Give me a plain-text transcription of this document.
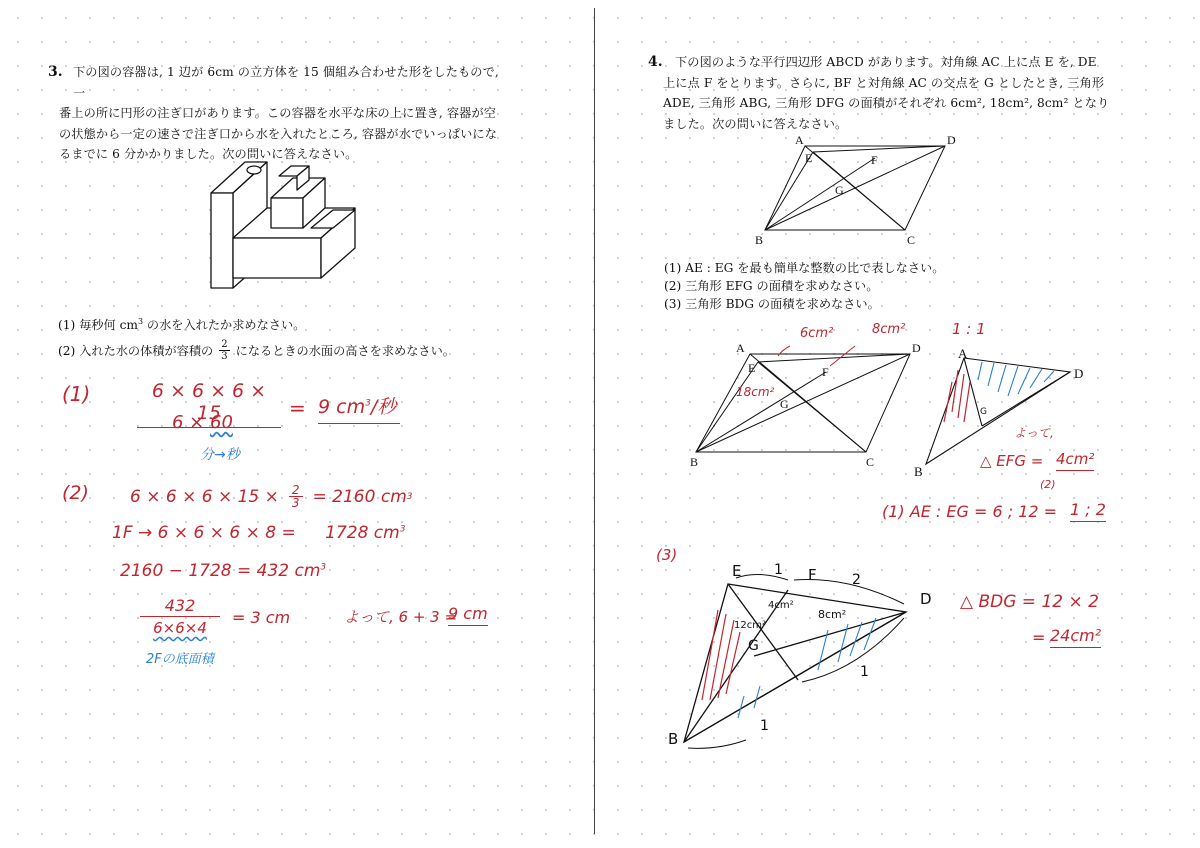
3. 下の図の容器は, 1 辺が 6cm の立方体を 15 個組み合わせた形をしたもので, 一
番上の所に円形の注ぎ口があります。この容器を水平な床の上に置き, 容器が空
の状態から一定の速さで注ぎ口から水を入れたところ, 容器が水でいっぱいにな
るまでに 6 分かかりました。次の問いに答えなさい。
(1) 毎秒何 $cm^3$ の水を入れたか求めなさい。
(2) 入れた水の体積が容積の $\frac{2}{3}$ になるときの水面の高さを求めなさい。
(1)	6 × 6 × 6 × 15
6 × 60
= 9 $cm^3/$秒
分→秒
(2) $6 \times 6 \times 6 \times 15 \times \frac{2}{3} = 2160$ cm 3
1F → 6 × 6 × 6 × 8 = 1728 $cm^3$
2160 − 1728 = 432 $cm^3$
432
6×6×4
= 3 cm
2Fの底面積
よって, 6 + 3 =
9 cm
4. 下の図のような平行四辺形 ABCD があります。対角線 AC 上に点 E を, DE
上に点 F をとります。さらに, BF と対角線 AC の交点を G としたとき, 三角形
ADE, 三角形 ABG, 三角形 DFG の面積がそれぞれ 6cm², 18cm², 8cm² となり
ました。次の問いに答えなさい。
A	D
B	C
E	F
G
(1) AE : EG を最も簡単な整数の比で表しなさい。
(2) 三角形 EFG の面積を求めなさい。
(3) 三角形 BDG の面積を求めなさい。
A	D
B	C
E	F
G
6cm²	8cm²
18cm²
G
1 : 1
A
D
B
よって,
△ EFG = 4cm²
(2)
(1) AE : EG = 6 ; 12 = 1 ; 2
(3)
E	F
D
G
B
1
2
1
1
4cm²
8cm²
12cm²
△ BDG = 12 × 2
= 24cm²
